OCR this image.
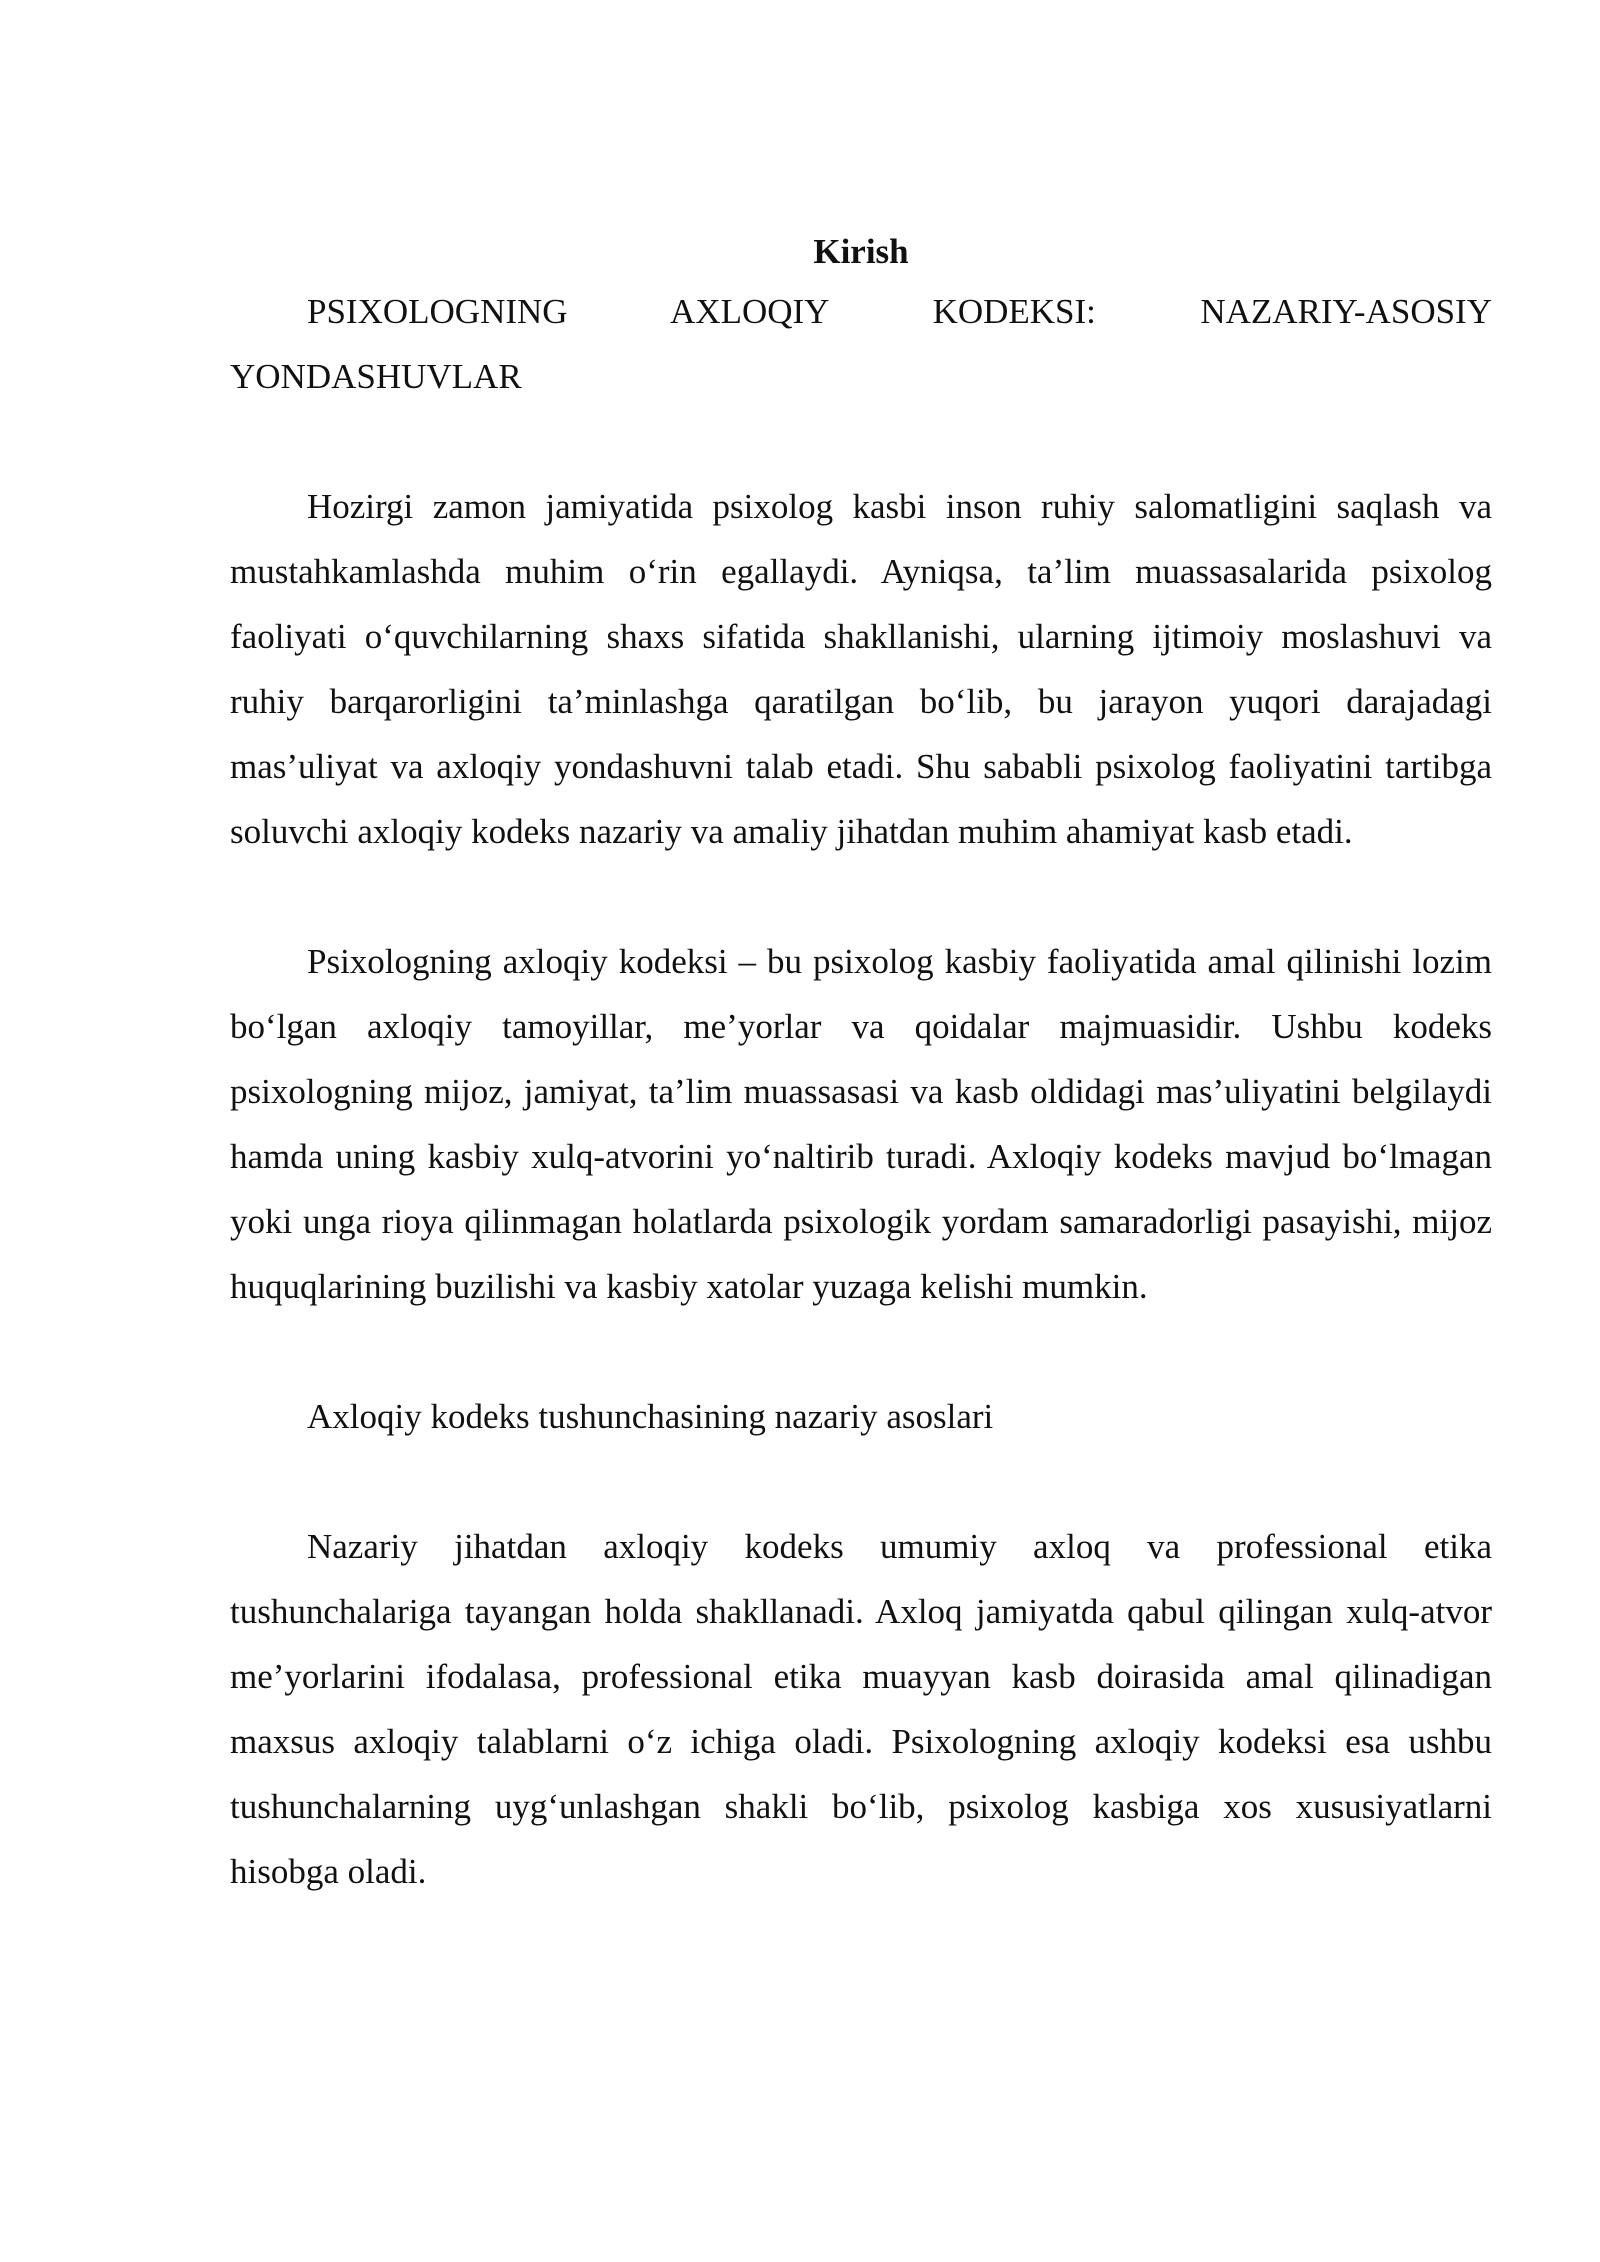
Kirish

PSIXOLOGNING AXLOQIY KODEKSI: NAZARIY-ASOSIY YONDASHUVLAR

Hozirgi zamon jamiyatida psixolog kasbi inson ruhiy salomatligini saqlash va mustahkamlashda muhim o‘rin egallaydi. Ayniqsa, ta’lim muassasalarida psixolog faoliyati o‘quvchilarning shaxs sifatida shakllanishi, ularning ijtimoiy moslashuvi va ruhiy barqarorligini ta’minlashga qaratilgan bo‘lib, bu jarayon yuqori darajadagi mas’uliyat va axloqiy yondashuvni talab etadi. Shu sababli psixolog faoliyatini tartibga soluvchi axloqiy kodeks nazariy va amaliy jihatdan muhim ahamiyat kasb etadi.

Psixologning axloqiy kodeksi – bu psixolog kasbiy faoliyatida amal qilinishi lozim bo‘lgan axloqiy tamoyillar, me’yorlar va qoidalar majmuasidir. Ushbu kodeks psixologning mijoz, jamiyat, ta’lim muassasasi va kasb oldidagi mas’uliyatini belgilaydi hamda uning kasbiy xulq-atvorini yo‘naltirib turadi. Axloqiy kodeks mavjud bo‘lmagan yoki unga rioya qilinmagan holatlarda psixologik yordam samaradorligi pasayishi, mijoz huquqlarining buzilishi va kasbiy xatolar yuzaga kelishi mumkin.

Axloqiy kodeks tushunchasining nazariy asoslari

Nazariy jihatdan axloqiy kodeks umumiy axloq va professional etika tushunchalariga tayangan holda shakllanadi. Axloq jamiyatda qabul qilingan xulq-atvor me’yorlarini ifodalasa, professional etika muayyan kasb doirasida amal qilinadigan maxsus axloqiy talablarni o‘z ichiga oladi. Psixologning axloqiy kodeksi esa ushbu tushunchalarning uyg‘unlashgan shakli bo‘lib, psixolog kasbiga xos xususiyatlarni hisobga oladi.
